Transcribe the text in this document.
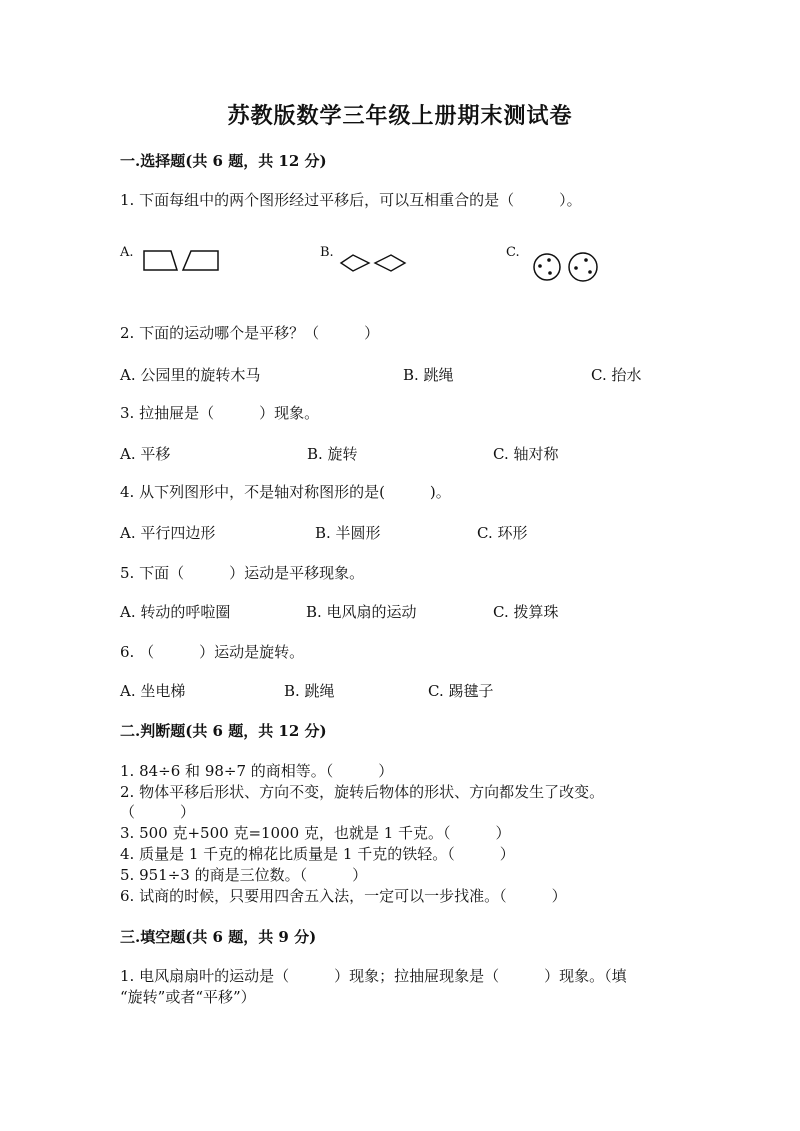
苏教版数学三年级上册期末测试卷
一.选择题(共 6 题，共 12 分)
1. 下面每组中的两个图形经过平移后，可以互相重合的是（　　　）。
A.	B.	C.
2. 下面的运动哪个是平移？（　　　）
A. 公园里的旋转木马	B. 跳绳	C. 抬水
3. 拉抽屉是（　　　）现象。
A. 平移	B. 旋转	C. 轴对称
4. 从下列图形中，不是轴对称图形的是(　　　)。
A. 平行四边形	B. 半圆形	C. 环形
5. 下面（　　　）运动是平移现象。
A. 转动的呼啦圈	B. 电风扇的运动	C. 拨算珠
6. （　　　）运动是旋转。
A. 坐电梯	B. 跳绳	C. 踢毽子
二.判断题(共 6 题，共 12 分)
1. 84÷6 和 98÷7 的商相等。（　　　）
2. 物体平移后形状、方向不变，旋转后物体的形状、方向都发生了改变。
（　　　）
3. 500 克+500 克=1000 克，也就是 1 千克。（　　　）
4. 质量是 1 千克的棉花比质量是 1 千克的铁轻。（　　　）
5. 951÷3 的商是三位数。（　　　）
6. 试商的时候，只要用四舍五入法，一定可以一步找准。（　　　）
三.填空题(共 6 题，共 9 分)
1. 电风扇扇叶的运动是（　　　）现象；拉抽屉现象是（　　　）现象。（填
“旋转”或者“平移”）
